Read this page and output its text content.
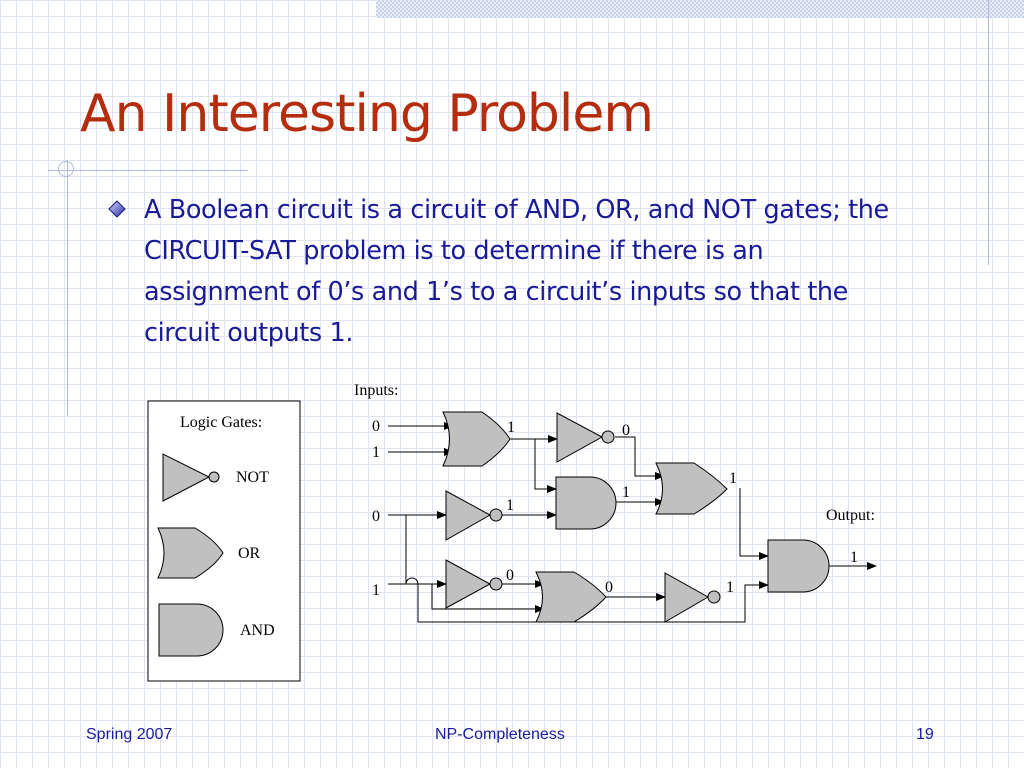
An Interesting Problem

A Boolean circuit is a circuit of AND, OR, and NOT gates; the CIRCUIT-SAT problem is to determine if there is an assignment of 0’s and 1’s to a circuit’s inputs so that the circuit outputs 1.

Logic Gates:
NOT
OR
AND
Inputs:
Output:
0
1
0
1
1	0
1
1
1
0
0	1
1
Spring 2007	NP-Completeness	19
